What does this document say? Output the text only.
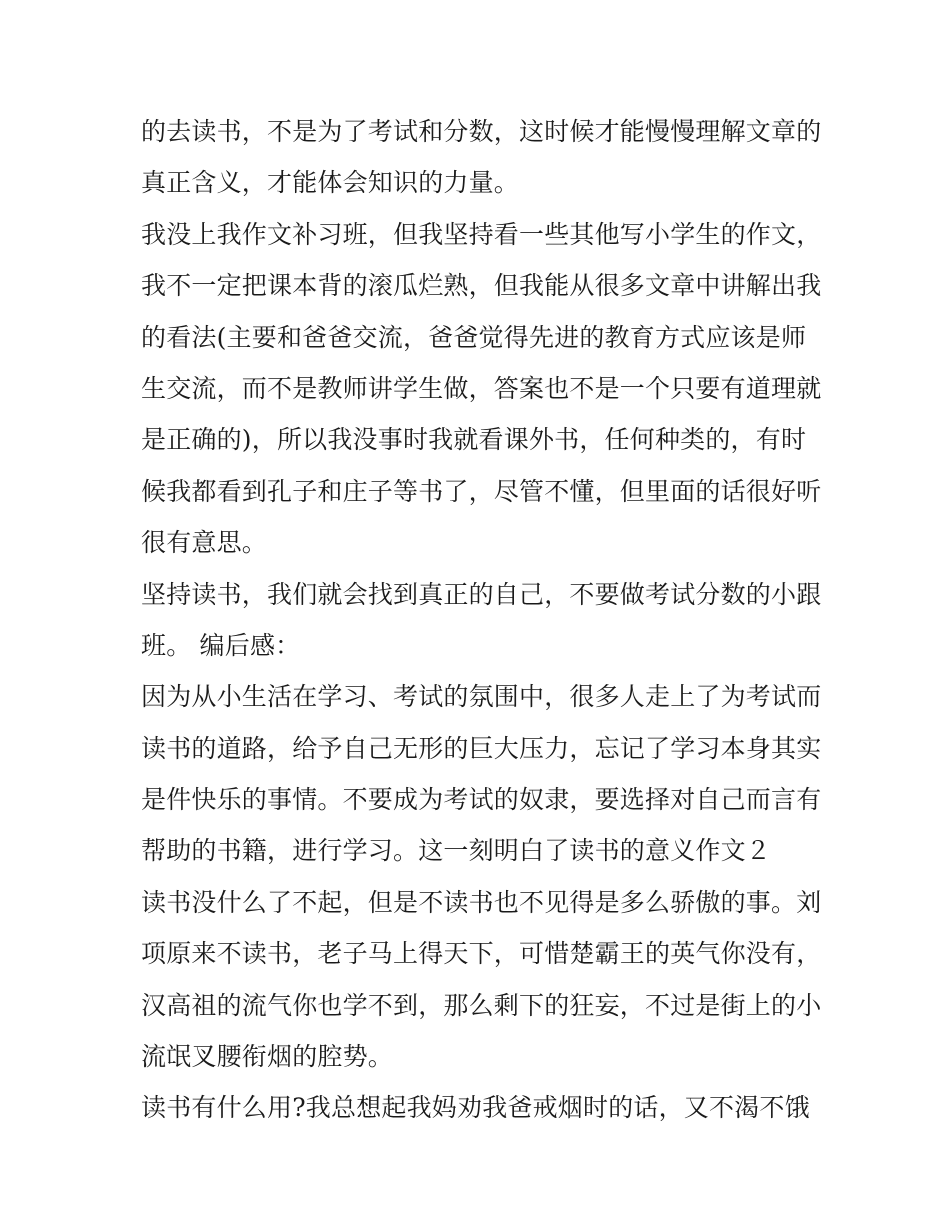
的去读书，不是为了考试和分数，这时候才能慢慢理解文章的
真正含义，才能体会知识的力量。
我没上我作文补习班，但我坚持看一些其他写小学生的作文，
我不一定把课本背的滚瓜烂熟，但我能从很多文章中讲解出我
的看法(主要和爸爸交流，爸爸觉得先进的教育方式应该是师
生交流，而不是教师讲学生做，答案也不是一个只要有道理就
是正确的)，所以我没事时我就看课外书，任何种类的，有时
候我都看到孔子和庄子等书了，尽管不懂，但里面的话很好听
很有意思。
坚持读书，我们就会找到真正的自己，不要做考试分数的小跟
班。 编后感：
因为从小生活在学习、考试的氛围中，很多人走上了为考试而
读书的道路，给予自己无形的巨大压力，忘记了学习本身其实
是件快乐的事情。不要成为考试的奴隶，要选择对自己而言有
帮助的书籍，进行学习。这一刻明白了读书的意义作文２
读书没什么了不起，但是不读书也不见得是多么骄傲的事。刘
项原来不读书，老子马上得天下，可惜楚霸王的英气你没有，
汉高祖的流气你也学不到，那么剩下的狂妄，不过是街上的小
流氓叉腰衔烟的腔势。
读书有什么用?我总想起我妈劝我爸戒烟时的话，又不渴不饿
